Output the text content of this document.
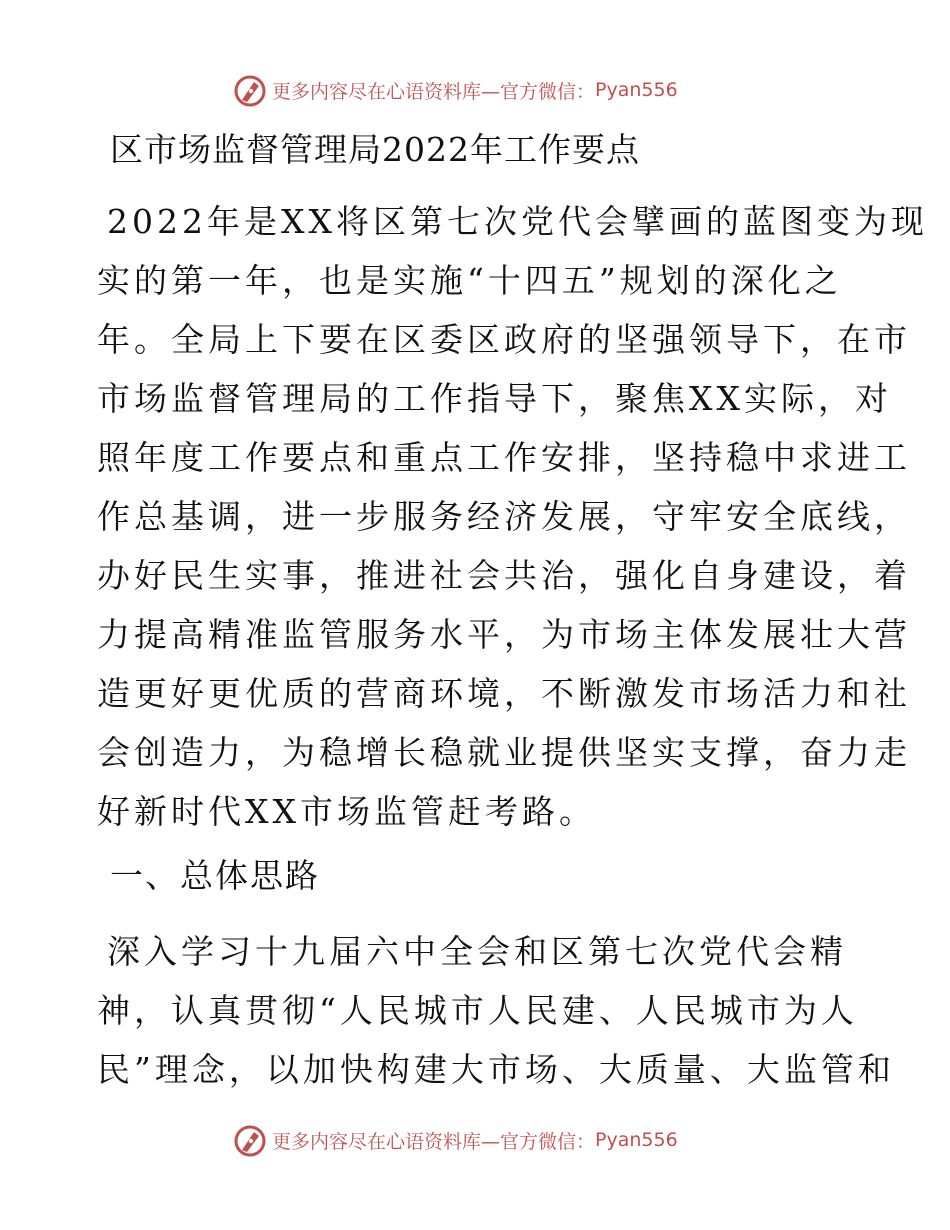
更多内容尽在心语资料库—官方微信： Pyan556
区市场监督管理局2022年工作要点
2022年是XX将区第七次党代会擘画的蓝图变为现
实的第一年，也是实施“十四五”规划的深化之
年。全局上下要在区委区政府的坚强领导下，在市
市场监督管理局的工作指导下，聚焦XX实际，对
照年度工作要点和重点工作安排，坚持稳中求进工
作总基调，进一步服务经济发展，守牢安全底线，
办好民生实事，推进社会共治，强化自身建设，着
力提高精准监管服务水平，为市场主体发展壮大营
造更好更优质的营商环境，不断激发市场活力和社
会创造力，为稳增长稳就业提供坚实支撑，奋力走
好新时代XX市场监管赶考路。
一、总体思路
深入学习十九届六中全会和区第七次党代会精
神，认真贯彻“人民城市人民建、人民城市为人
民”理念，以加快构建大市场、大质量、大监管和
更多内容尽在心语资料库—官方微信： Pyan556
